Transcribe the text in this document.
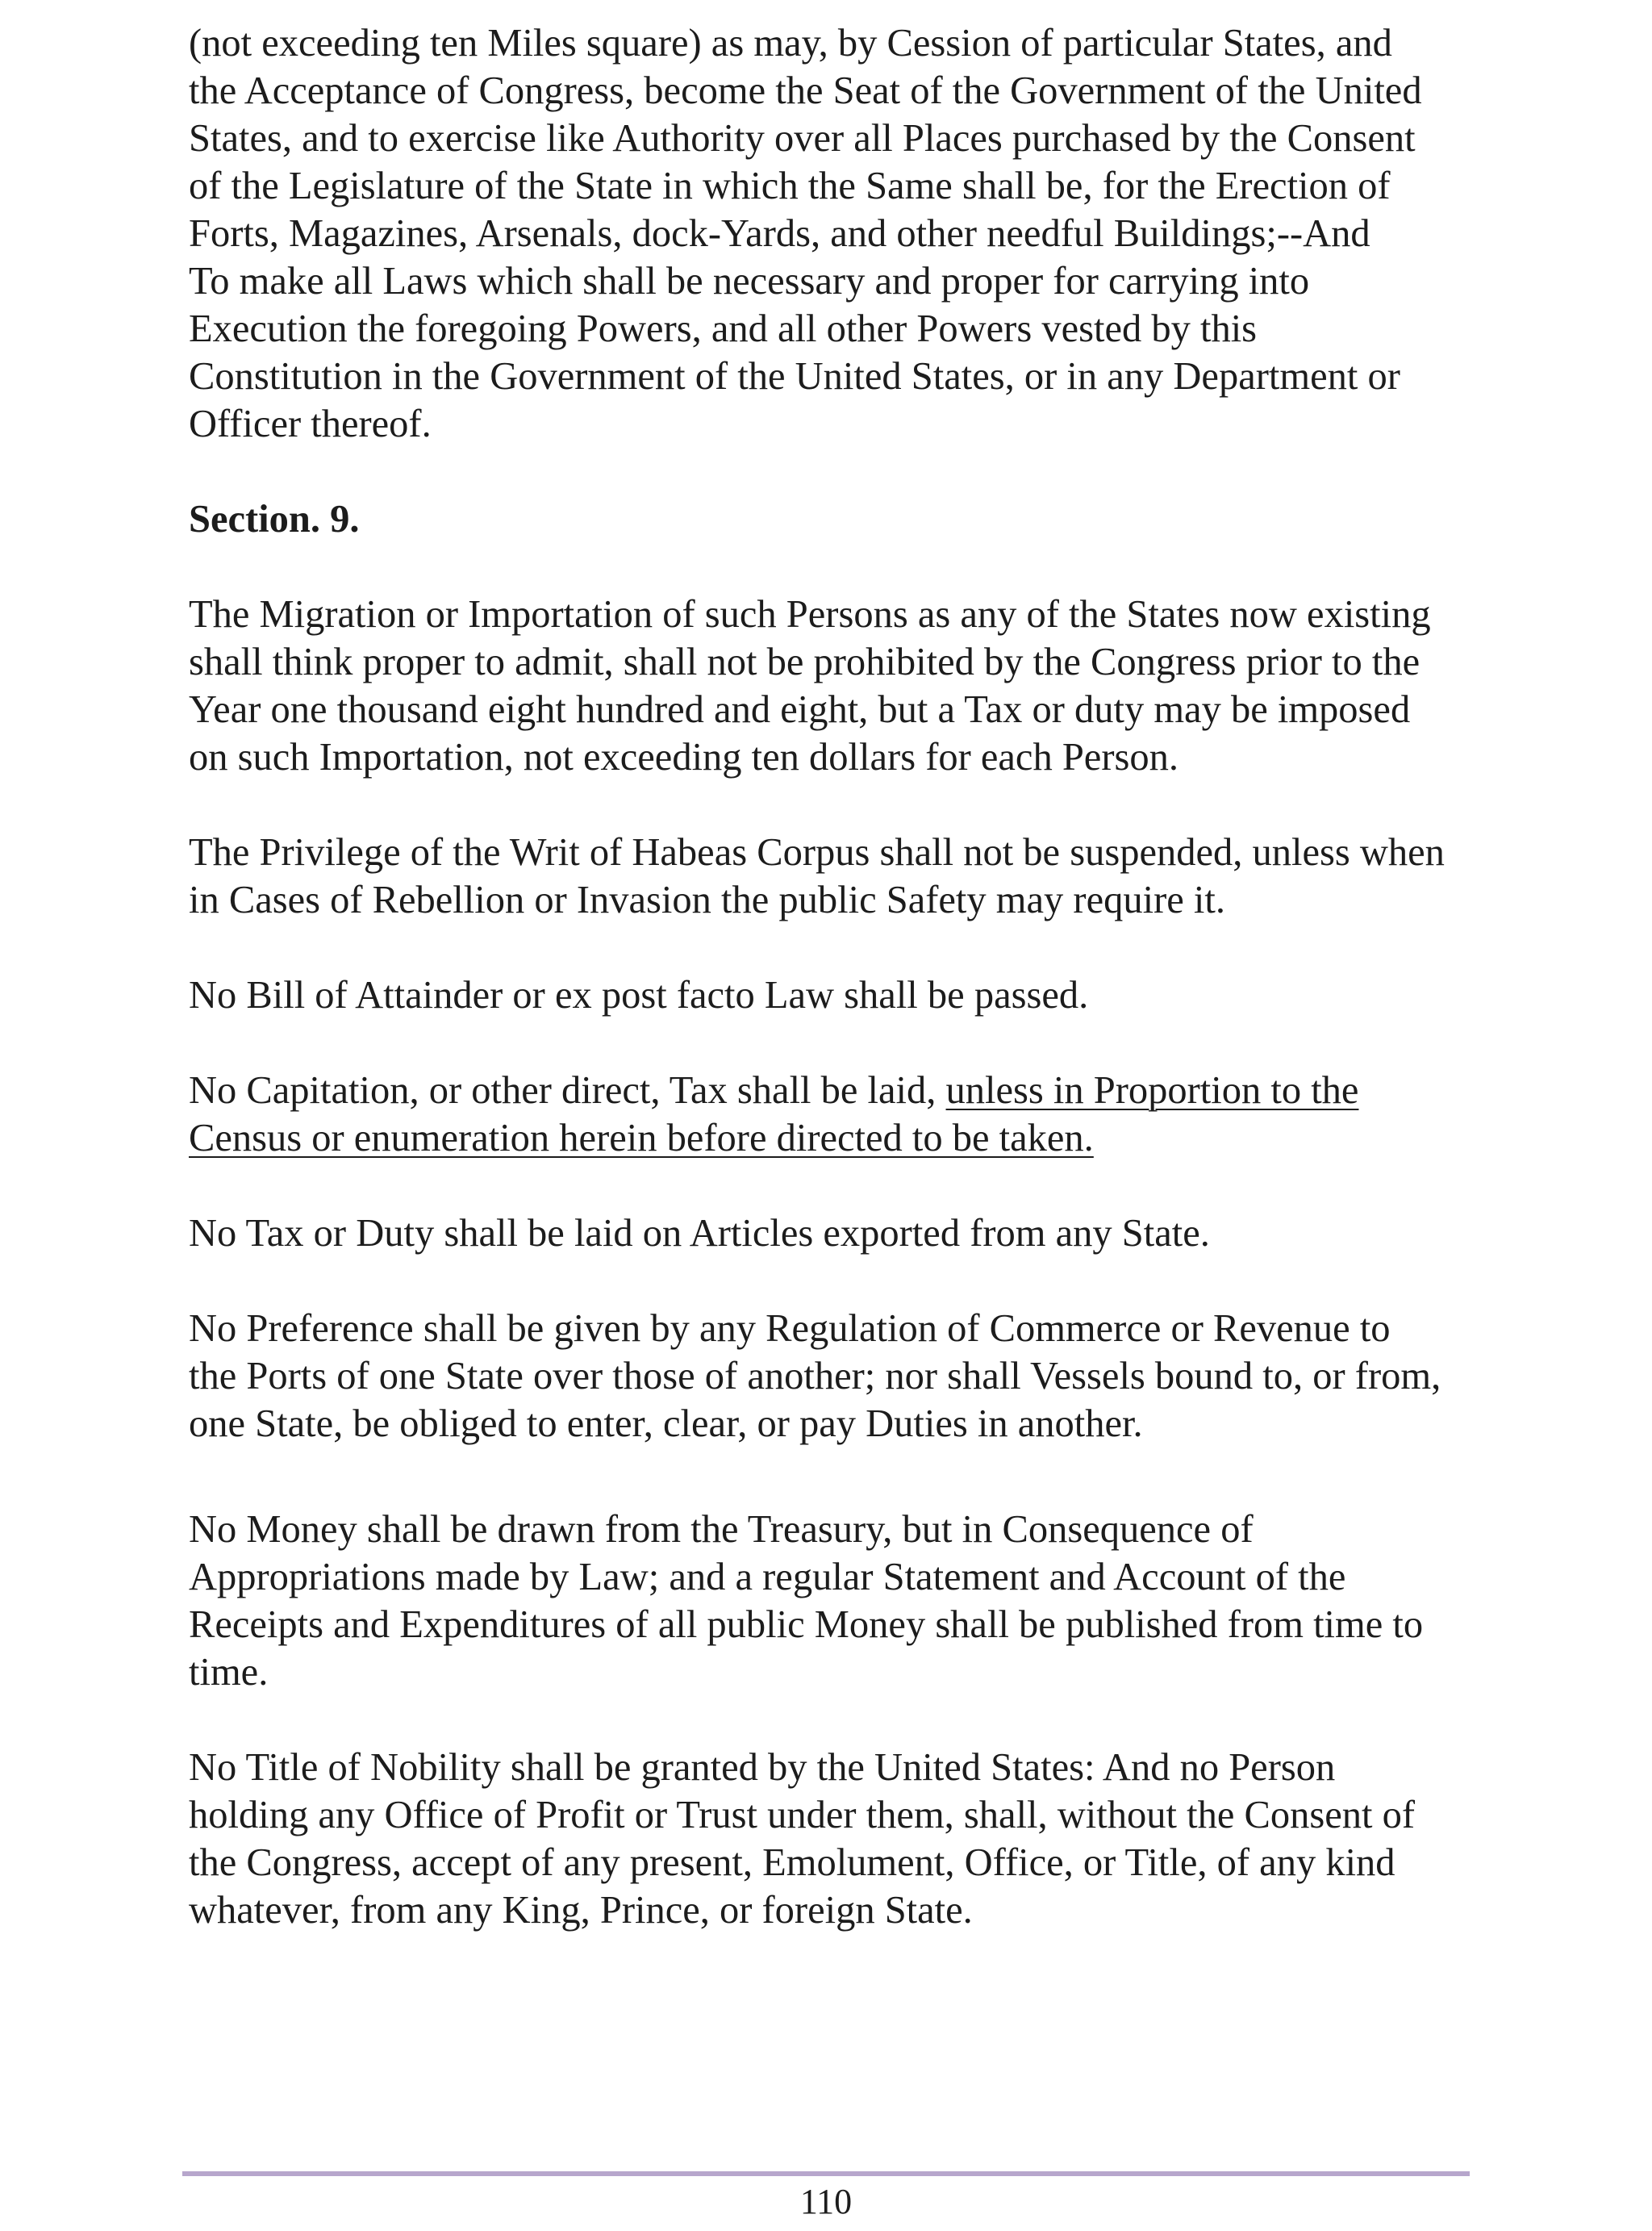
(not exceeding ten Miles square) as may, by Cession of particular States, and
the Acceptance of Congress, become the Seat of the Government of the United
States, and to exercise like Authority over all Places purchased by the Consent
of the Legislature of the State in which the Same shall be, for the Erection of
Forts, Magazines, Arsenals, dock-Yards, and other needful Buildings;--And
To make all Laws which shall be necessary and proper for carrying into
Execution the foregoing Powers, and all other Powers vested by this
Constitution in the Government of the United States, or in any Department or
Officer thereof.

Section. 9.

The Migration or Importation of such Persons as any of the States now existing
shall think proper to admit, shall not be prohibited by the Congress prior to the
Year one thousand eight hundred and eight, but a Tax or duty may be imposed
on such Importation, not exceeding ten dollars for each Person.

The Privilege of the Writ of Habeas Corpus shall not be suspended, unless when
in Cases of Rebellion or Invasion the public Safety may require it.

No Bill of Attainder or ex post facto Law shall be passed.

No Capitation, or other direct, Tax shall be laid, unless in Proportion to the
Census or enumeration herein before directed to be taken.

No Tax or Duty shall be laid on Articles exported from any State.

No Preference shall be given by any Regulation of Commerce or Revenue to
the Ports of one State over those of another; nor shall Vessels bound to, or from,
one State, be obliged to enter, clear, or pay Duties in another.

No Money shall be drawn from the Treasury, but in Consequence of
Appropriations made by Law; and a regular Statement and Account of the
Receipts and Expenditures of all public Money shall be published from time to
time.

No Title of Nobility shall be granted by the United States: And no Person
holding any Office of Profit or Trust under them, shall, without the Consent of
the Congress, accept of any present, Emolument, Office, or Title, of any kind
whatever, from any King, Prince, or foreign State.

110
